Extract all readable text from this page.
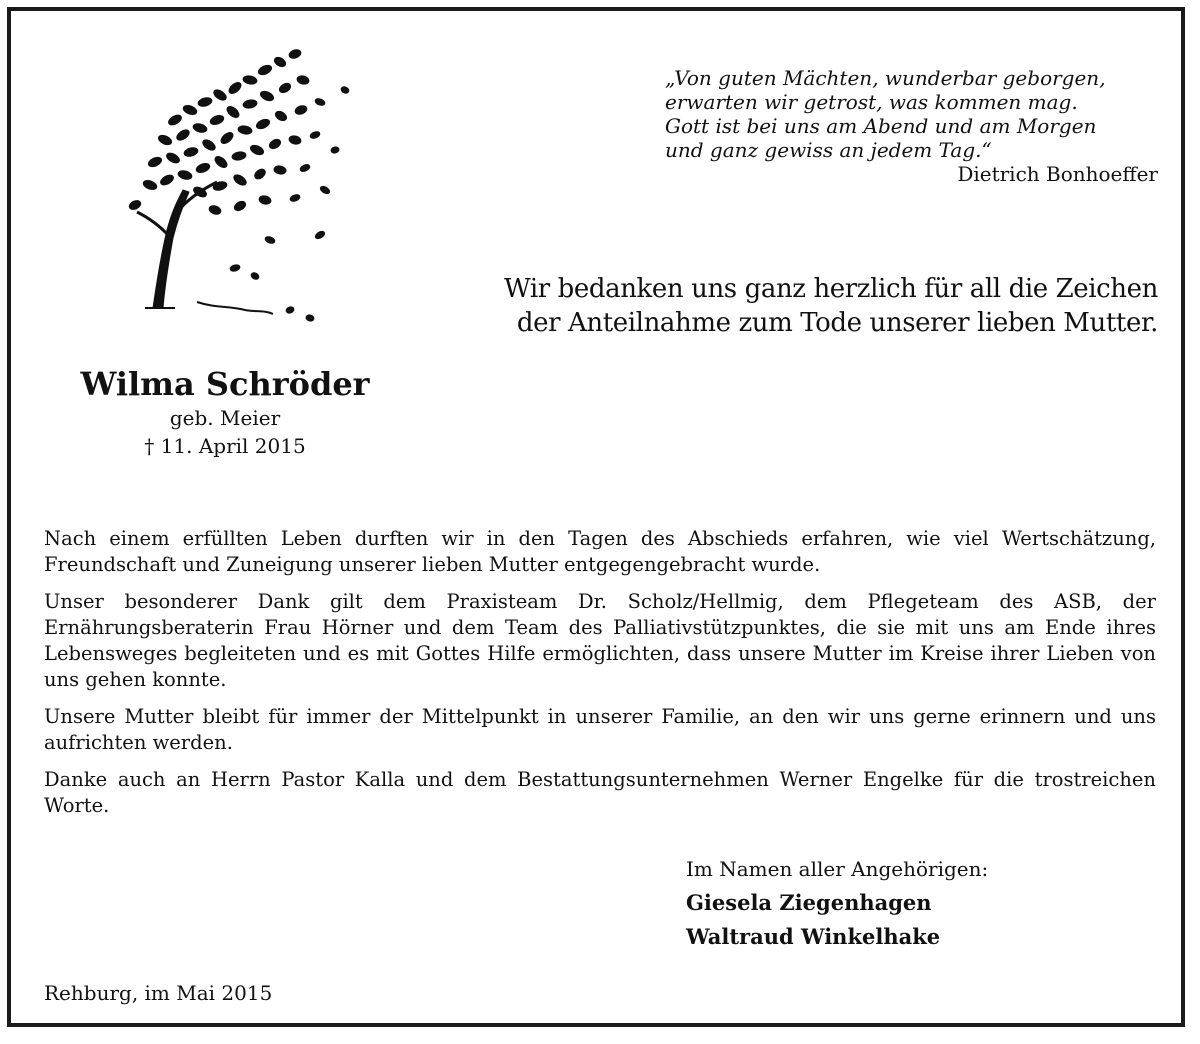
„Von guten Mächten, wunderbar geborgen,
erwarten wir getrost, was kommen mag.
Gott ist bei uns am Abend und am Morgen
und ganz gewiss an jedem Tag.“
Dietrich Bonhoeffer
Wir bedanken uns ganz herzlich für all die Zeichen
der Anteilnahme zum Tode unserer lieben Mutter.
Wilma Schröder
geb. Meier
† 11. April 2015

Nach einem erfüllten Leben durften wir in den Tagen des Abschieds erfahren, wie viel Wertschätzung, Freundschaft und Zuneigung unserer lieben Mutter entgegengebracht wurde.

Unser besonderer Dank gilt dem Praxisteam Dr. Scholz/Hellmig, dem Pflegeteam des ASB, der Ernährungsberaterin Frau Hörner und dem Team des Palliativstützpunktes, die sie mit uns am Ende ihres Lebensweges begleiteten und es mit Gottes Hilfe ermöglichten, dass unsere Mutter im Kreise ihrer Lieben von uns gehen konnte.

Unsere Mutter bleibt für immer der Mittelpunkt in unserer Familie, an den wir uns gerne erinnern und uns aufrichten werden.

Danke auch an Herrn Pastor Kalla und dem Bestattungsunternehmen Werner Engelke für die trostreichen Worte.

Im Namen aller Angehörigen:
Giesela Ziegenhagen
Waltraud Winkelhake
Rehburg, im Mai 2015
